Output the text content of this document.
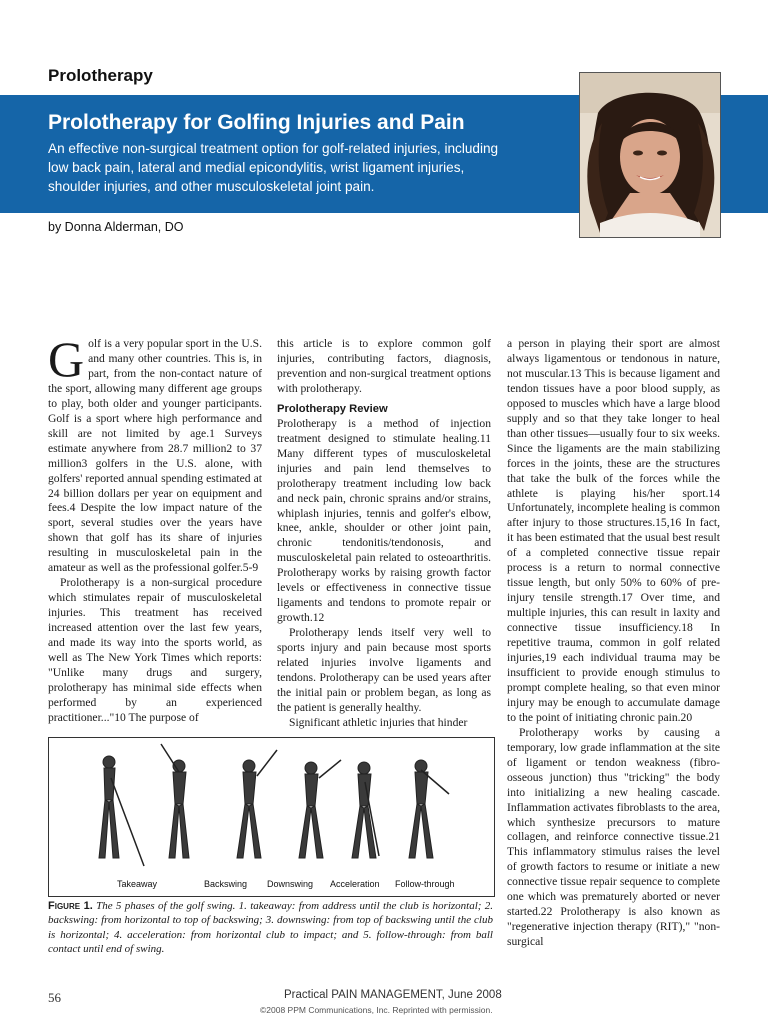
Prolotherapy
Prolotherapy for Golfing Injuries and Pain
An effective non-surgical treatment option for golf-related injuries, including low back pain, lateral and medial epicondylitis, wrist ligament injuries, shoulder injuries, and other musculoskeletal joint pain.
by Donna Alderman, DO

Golf is a very popular sport in the U.S. and many other countries. This is, in part, from the non-contact nature of the sport, allowing many different age groups to play, both older and younger participants. Golf is a sport where high performance and skill are not limited by age.1 Surveys estimate anywhere from 28.7 million2 to 37 million3 golfers in the U.S. alone, with golfers' reported annual spending estimated at 24 billion dollars per year on equipment and fees.4 Despite the low impact nature of the sport, several studies over the years have shown that golf has its share of injuries resulting in musculoskeletal pain in the amateur as well as the professional golfer.5-9

Prolotherapy is a non-surgical procedure which stimulates repair of musculoskeletal injuries. This treatment has received increased attention over the last few years, and made its way into the sports world, as well as The New York Times which reports: "Unlike many drugs and surgery, prolotherapy has minimal side effects when performed by an experienced practitioner..."10 The purpose of

this article is to explore common golf injuries, contributing factors, diagnosis, prevention and non-surgical treatment options with prolotherapy.

Prolotherapy Review

Prolotherapy is a method of injection treatment designed to stimulate healing.11 Many different types of musculoskeletal injuries and pain lend themselves to prolotherapy treatment including low back and neck pain, chronic sprains and/or strains, whiplash injuries, tennis and golfer's elbow, knee, ankle, shoulder or other joint pain, chronic tendonitis/tendonosis, and musculoskeletal pain related to osteoarthritis. Prolotherapy works by raising growth factor levels or effectiveness in connective tissue ligaments and tendons to promote repair or growth.12

Prolotherapy lends itself very well to sports injury and pain because most sports related injuries involve ligaments and tendons. Prolotherapy can be used years after the initial pain or problem began, as long as the patient is generally healthy.

Significant athletic injuries that hinder

a person in playing their sport are almost always ligamentous or tendonous in nature, not muscular.13 This is because ligament and tendon tissues have a poor blood supply, as opposed to muscles which have a large blood supply and so that they take longer to heal than other tissues—usually four to six weeks. Since the ligaments are the main stabilizing forces in the joints, these are the structures that take the bulk of the forces while the athlete is playing his/her sport.14 Unfortunately, incomplete healing is common after injury to those structures.15,16 In fact, it has been estimated that the usual best result of a completed connective tissue repair process is a return to normal connective tissue length, but only 50% to 60% of pre-injury tensile strength.17 Over time, and multiple injuries, this can result in laxity and connective tissue insufficiency.18 In repetitive trauma, common in golf related injuries,19 each individual trauma may be insufficient to provide enough stimulus to prompt complete healing, so that even minor injury may be enough to accumulate damage to the point of initiating chronic pain.20

Prolotherapy works by causing a temporary, low grade inflammation at the site of ligament or tendon weakness (fibro-osseous junction) thus "tricking" the body into initializing a new healing cascade. Inflammation activates fibroblasts to the area, which synthesize precursors to mature collagen, and reinforce connective tissue.21 This inflammatory stimulus raises the level of growth factors to resume or initiate a new connective tissue repair sequence to complete one which was prematurely aborted or never started.22 Prolotherapy is also known as "regenerative injection therapy (RIT)," "non-surgical

Takeaway	Backswing Downswing Acceleration Follow-through
Figure 1. The 5 phases of the golf swing. 1. takeaway: from address until the club is horizontal; 2. backswing: from horizontal to top of backswing; 3. downswing: from top of backswing until the club is horizontal; 4. acceleration: from horizontal club to impact; and 5. follow-through: from ball contact until end of swing.
56	Practical PAIN MANAGEMENT, June 2008
©2008 PPM Communications, Inc. Reprinted with permission.
